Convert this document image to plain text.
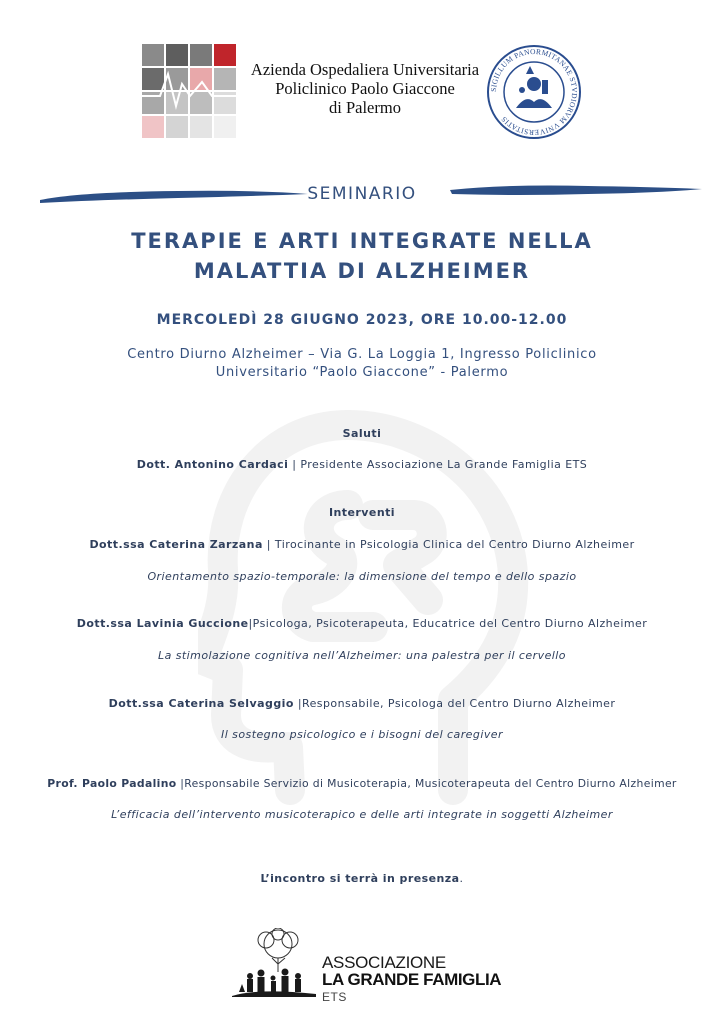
Azienda Ospedaliera Universitaria
Policlinico Paolo Giaccone
di Palermo
SIGILLUM PANORMITANAE STVDIORVM VNIVERSITATIS
SEMINARIO
TERAPIE E ARTI INTEGRATE NELLA
MALATTIA DI ALZHEIMER
MERCOLEDÌ 28 GIUGNO 2023, ORE 10.00-12.00
Centro Diurno Alzheimer – Via G. La Loggia 1, Ingresso Policlinico
Universitario “Paolo Giaccone” - Palermo
Saluti
Dott. Antonino Cardaci | Presidente Associazione La Grande Famiglia ETS
Interventi
Dott.ssa Caterina Zarzana | Tirocinante in Psicologia Clinica del Centro Diurno Alzheimer
Orientamento spazio-temporale: la dimensione del tempo e dello spazio
Dott.ssa Lavinia Guccione|Psicologa, Psicoterapeuta, Educatrice del Centro Diurno Alzheimer
La stimolazione cognitiva nell’Alzheimer: una palestra per il cervello
Dott.ssa Caterina Selvaggio |Responsabile, Psicologa del Centro Diurno Alzheimer
Il sostegno psicologico e i bisogni del caregiver
Prof. Paolo Padalino |Responsabile Servizio di Musicoterapia, Musicoterapeuta del Centro Diurno Alzheimer
L’efficacia dell’intervento musicoterapico e delle arti integrate in soggetti Alzheimer
L’incontro si terrà in presenza.
ASSOCIAZIONE
LA GRANDE FAMIGLIA
ETS
